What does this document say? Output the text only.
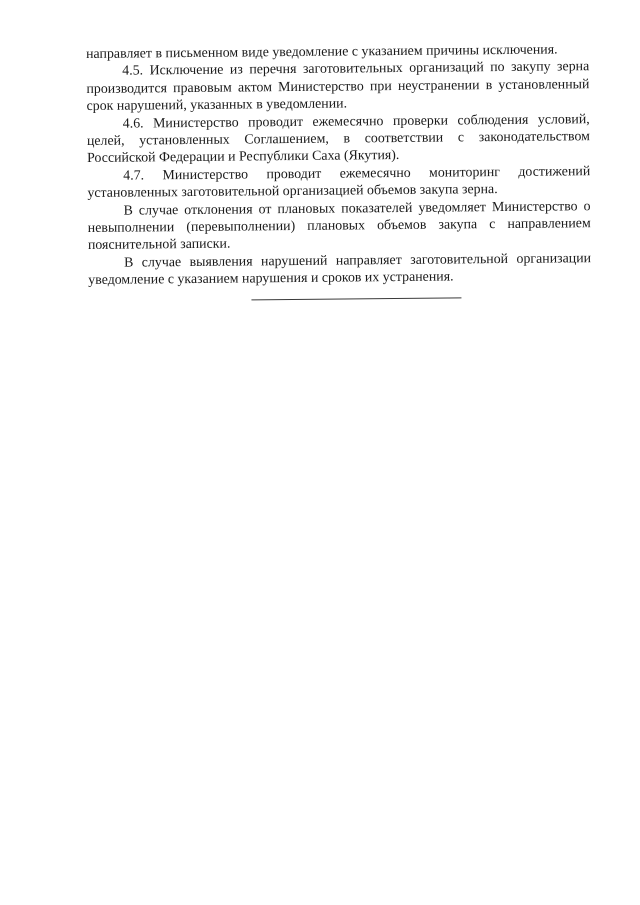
направляет в письменном виде уведомление с указанием причины исключения.

4.5. Исключение из перечня заготовительных организаций по закупу зерна производится правовым актом Министерство при неустранении в установленный срок нарушений, указанных в уведомлении.

4.6. Министерство проводит ежемесячно проверки соблюдения условий, целей, установленных Соглашением, в соответствии с законодательством Российской Федерации и Республики Саха (Якутия).

4.7. Министерство проводит ежемесячно мониторинг достижений установленных заготовительной организацией объемов закупа зерна.

В случае отклонения от плановых показателей уведомляет Министерство о невыполнении (перевыполнении) плановых объемов закупа с направлением пояснительной записки.

В случае выявления нарушений направляет заготовительной организации уведомление с указанием нарушения и сроков их устранения.
